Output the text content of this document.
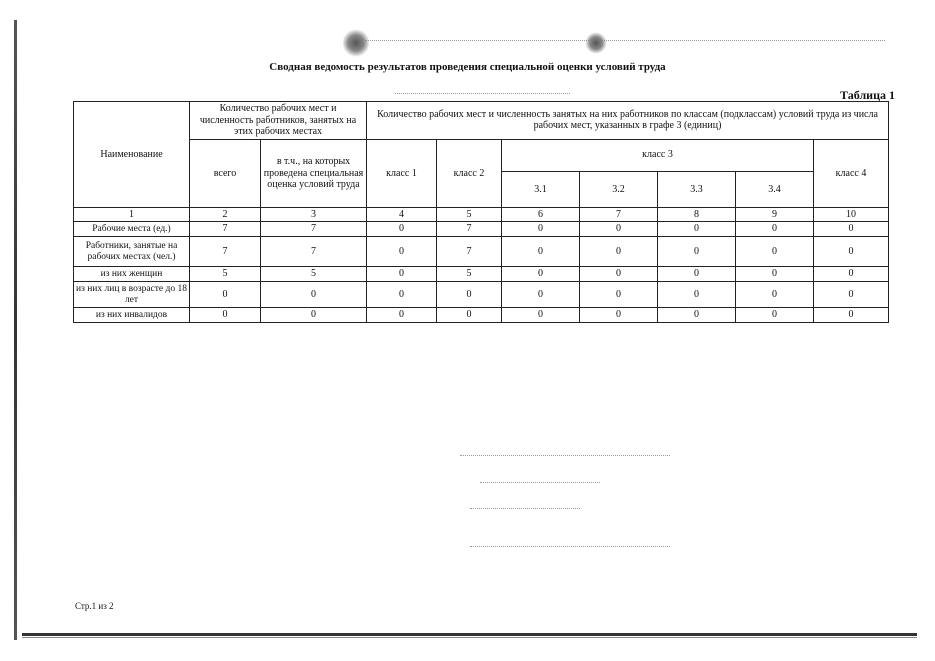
Сводная ведомость результатов проведения специальной оценки условий труда
Таблица 1
Наименование	Количество рабочих мест и численность работников, занятых на этих рабочих местах		Количество рабочих мест и численность занятых на них работников по классам (подклассам) условий труда из числа рабочих мест, указанных в графе 3 (единиц)						
	всего	в т.ч., на которых проведена специальная оценка условий труда	класс 1	класс 2	класс 3				класс 4
					3.1	3.2	3.3	3.4	
1	2	3	4	5	6	7	8	9	10
Рабочие места (ед.)	7	7	0	7	0	0	0	0	0
Работники, занятые на рабочих местах (чел.)	7	7	0	7	0	0	0	0	0
из них женщин	5	5	0	5	0	0	0	0	0
из них лиц в возрасте до 18 лет	0	0	0	0	0	0	0	0	0
из них инвалидов	0	0	0	0	0	0	0	0	0
Стр.1 из 2
